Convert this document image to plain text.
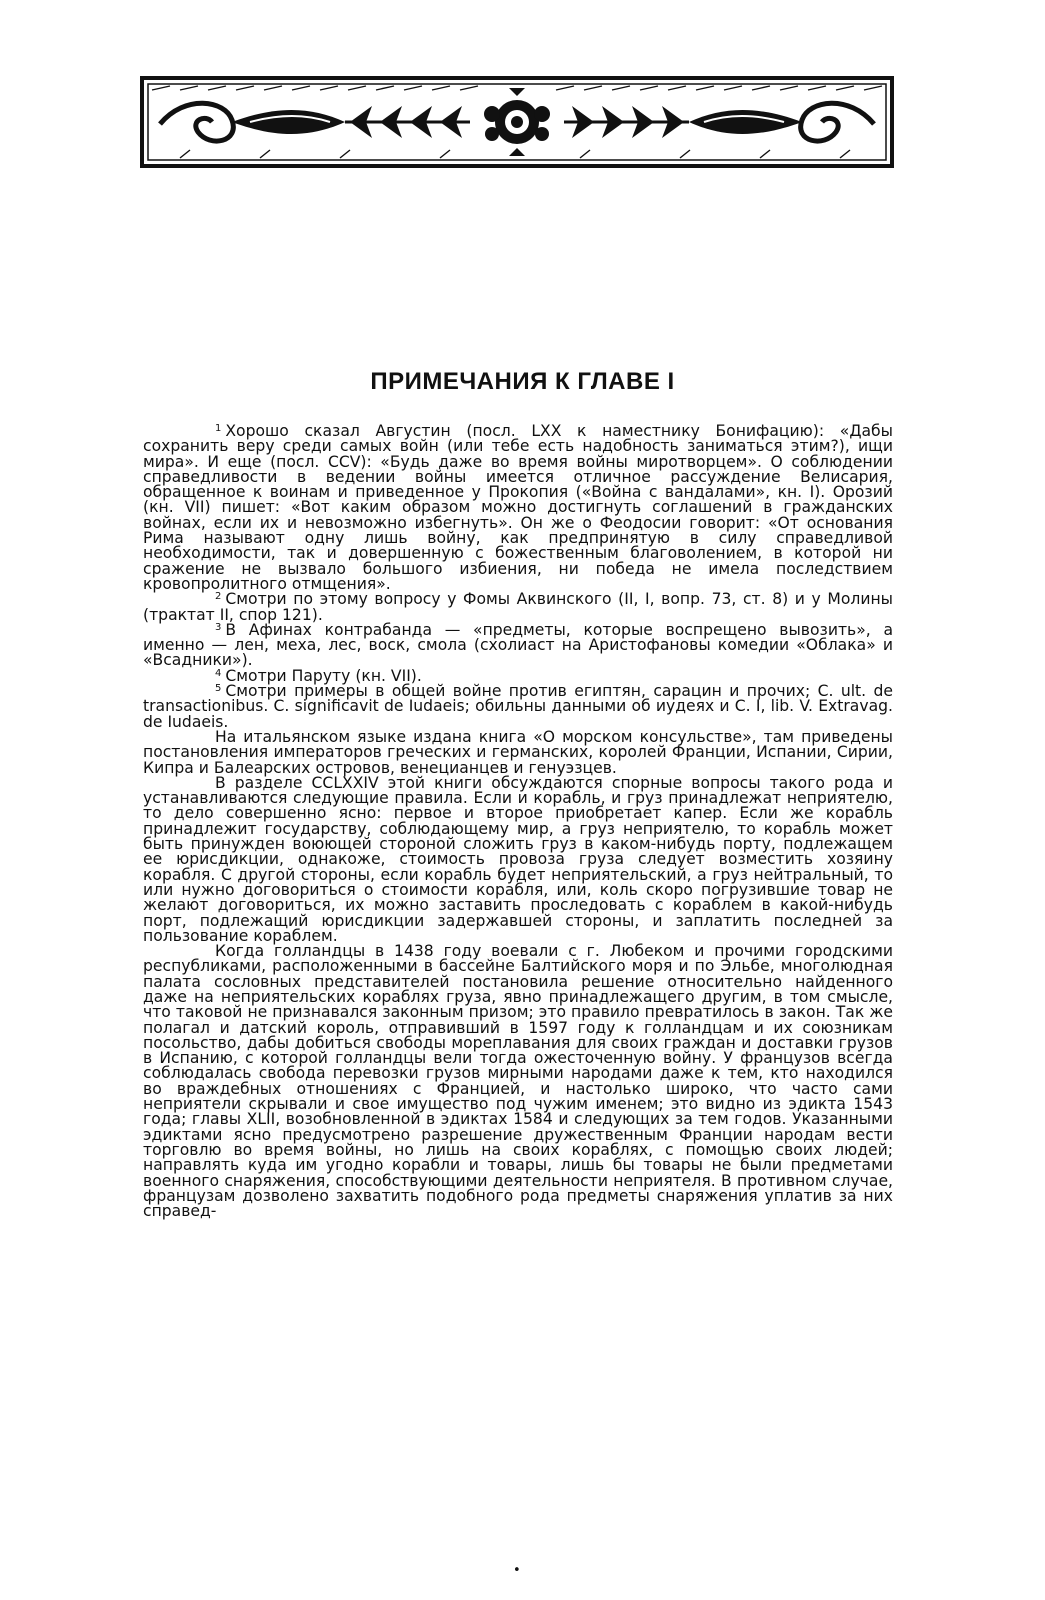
ПРИМЕЧАНИЯ К ГЛАВЕ I

$^1$ Хорошо сказал Августин (посл. LXX к наместнику Бонифацию): «Дабы сохранить веру среди самых войн (или тебе есть надобность заниматься этим?), ищи мира». И еще (посл. CCV): «Будь даже во время войны миротворцем». О соблюдении справедливости в ведении войны имеется отличное рассуждение Велисария, обращенное к воинам и приведенное у Прокопия («Война с вандалами», кн. I). Орозий (кн. VII) пишет: «Вот каким образом можно достигнуть соглашений в гражданских войнах, если их и невозможно избегнуть». Он же о Феодосии говорит: «От основания Рима называют одну лишь войну, как предпринятую в силу справедливой необходимости, так и довершенную с божественным благоволением, в которой ни сражение не вызвало большого избиения, ни победа не имела последствием кровопролитного отмщения».

$^2$ Смотри по этому вопросу у Фомы Аквинского (II, I, вопр. 73, ст. 8) и у Молины (трактат II, спор 121).

$^3$ В Афинах контрабанда — «предметы, которые воспрещено вывозить», а именно — лен, меха, лес, воск, смола (схолиаст на Аристофановы комедии «Облака» и «Всадники»).

$^4$ Смотри Паруту (кн. VII).

$^5$ Смотри примеры в общей войне против египтян, сарацин и прочих; C. ult. de transactionibus. C. significavit de Iudaeis; обильны данными об иудеях и C. I, lib. V. Extravag. de Iudaeis.

На итальянском языке издана книга «О морском консульстве», там приведены постановления императоров греческих и германских, королей Франции, Испании, Сирии, Кипра и Балеарских островов, венецианцев и генуэзцев.

В разделе CCLXXIV этой книги обсуждаются спорные вопросы такого рода и устанавливаются следующие правила. Если и корабль, и груз принадлежат неприятелю, то дело совершенно ясно: первое и второе приобретает капер. Если же корабль принадлежит государству, соблюдающему мир, а груз неприятелю, то корабль может быть принужден воюющей стороной сложить груз в каком-нибудь порту, подлежащем ее юрисдикции, однакоже, стоимость провоза груза следует возместить хозяину корабля. С другой стороны, если корабль будет неприятельский, а груз нейтральный, то или нужно договориться о стоимости корабля, или, коль скоро погрузившие товар не желают договориться, их можно заставить проследовать с кораблем в какой-нибудь порт, подлежащий юрисдикции задержавшей стороны, и заплатить последней за пользование кораблем.

Когда голландцы в 1438 году воевали с г. Любеком и прочими городскими республиками, расположенными в бассейне Балтийского моря и по Эльбе, многолюдная палата сословных представителей постановила решение относительно найденного даже на неприятельских кораблях груза, явно принадлежащего другим, в том смысле, что таковой не признавался законным призом; это правило превратилось в закон. Так же полагал и датский король, отправивший в 1597 году к голландцам и их союзникам посольство, дабы добиться свободы мореплавания для своих граждан и доставки грузов в Испанию, с которой голландцы вели тогда ожесточенную войну. У французов всегда соблюдалась свобода перевозки грузов мирными народами даже к тем, кто находился во враждебных отношениях с Францией, и настолько широко, что часто сами неприятели скрывали и свое имущество под чужим именем; это видно из эдикта 1543 года; главы XLII, возобновленной в эдиктах 1584 и следующих за тем годов. Указанными эдиктами ясно предусмотрено разрешение дружественным Франции народам вести торговлю во время войны, но лишь на своих кораблях, с помощью своих людей; направлять куда им угодно корабли и товары, лишь бы товары не были предметами военного снаряжения, способствующими деятельности неприятеля. В противном случае, французам дозволено захватить подобного рода предметы снаряжения уплатив за них справед-

•
